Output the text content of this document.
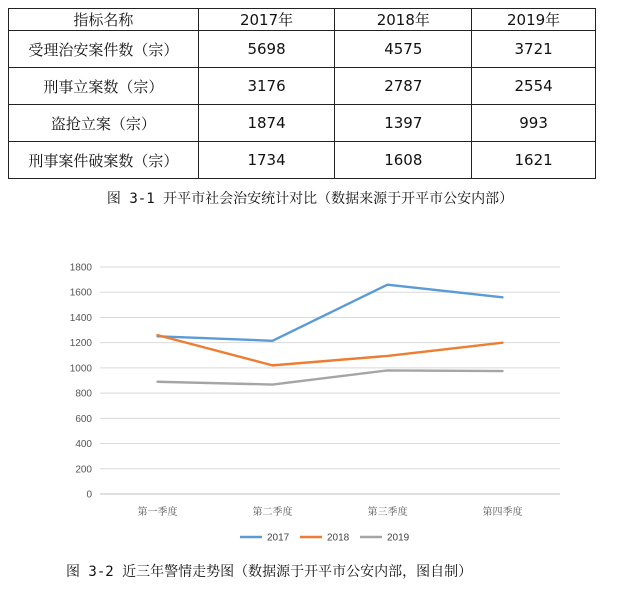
指标名称	2017年	2018年	2019年
受理治安案件数（宗）	5698	4575	3721
刑事立案数（宗）	3176	2787	2554
盗抢立案（宗）	1874	1397	993
刑事案件破案数（宗）	1734	1608	1621
图 3-1 开平市社会治安统计对比（数据来源于开平市公安内部）
0
200
400
600
800
1000
1200
1400
1600
1800
第一季度	第二季度	第三季度	第四季度
2017	2018	2019
图 3-2 近三年警情走势图（数据源于开平市公安内部，图自制）
